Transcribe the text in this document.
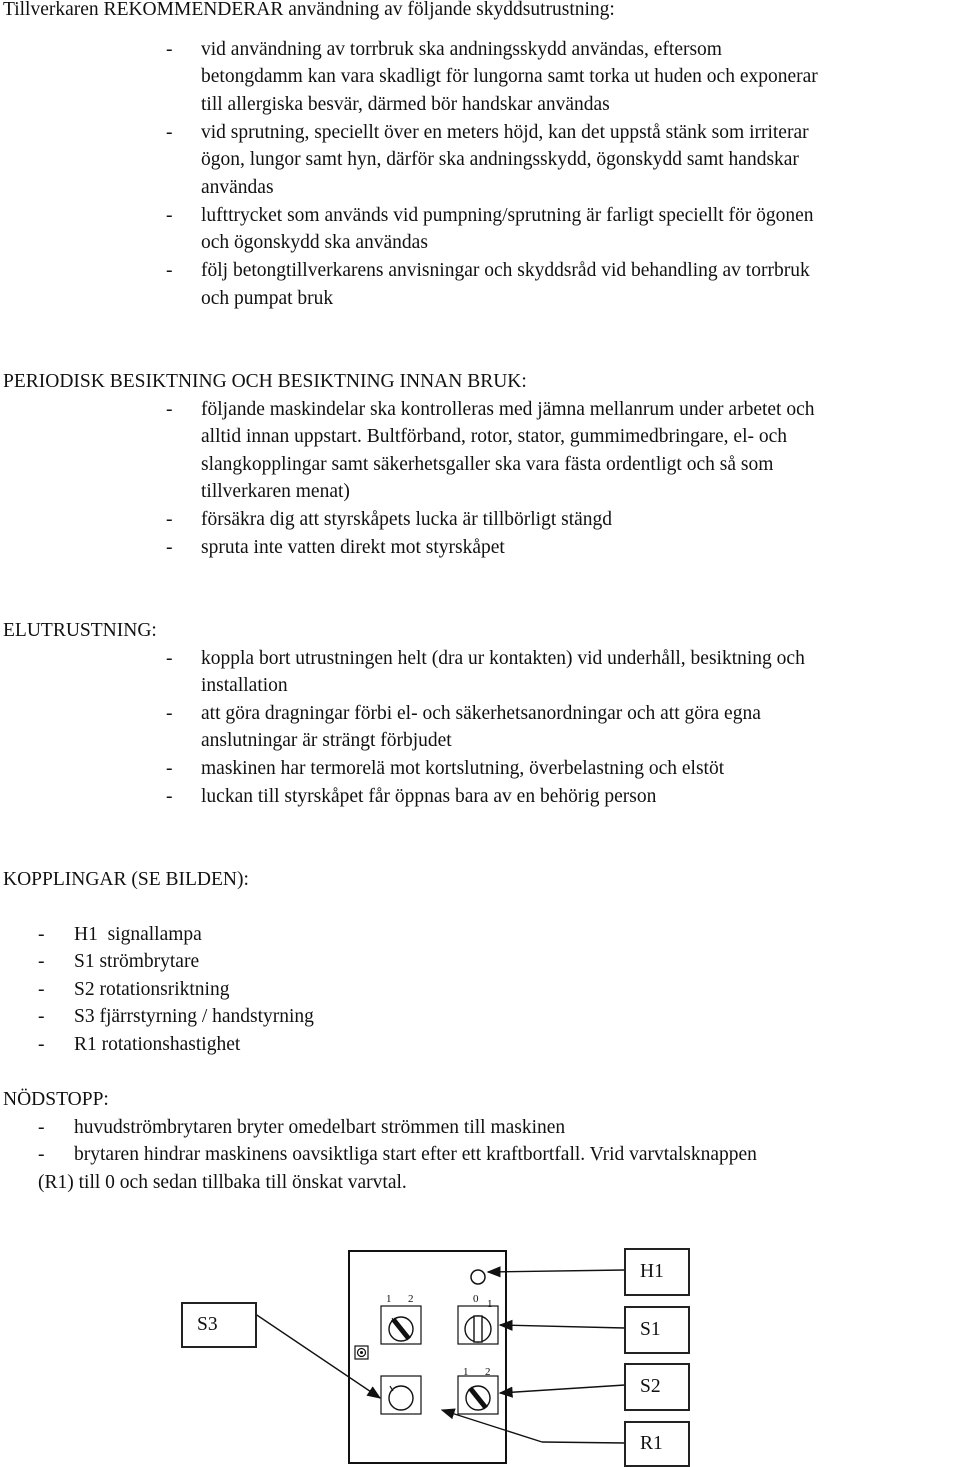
Tillverkaren REKOMMENDERAR användning av följande skyddsutrustning:
- vid användning av torrbruk ska andningsskydd användas, eftersom
betongdamm kan vara skadligt för lungorna samt torka ut huden och exponerar
till allergiska besvär, därmed bör handskar användas
- vid sprutning, speciellt över en meters höjd, kan det uppstå stänk som irriterar
ögon, lungor samt hyn, därför ska andningsskydd, ögonskydd samt handskar
användas
- lufttrycket som används vid pumpning/sprutning är farligt speciellt för ögonen
och ögonskydd ska användas
- följ betongtillverkarens anvisningar och skyddsråd vid behandling av torrbruk
och pumpat bruk
PERIODISK BESIKTNING OCH BESIKTNING INNAN BRUK:
- följande maskindelar ska kontrolleras med jämna mellanrum under arbetet och
alltid innan uppstart. Bultförband, rotor, stator, gummimedbringare, el- och
slangkopplingar samt säkerhetsgaller ska vara fästa ordentligt och så som
tillverkaren menat)
- försäkra dig att styrskåpets lucka är tillbörligt stängd
- spruta inte vatten direkt mot styrskåpet
ELUTRUSTNING:
- koppla bort utrustningen helt (dra ur kontakten) vid underhåll, besiktning och
installation
- att göra dragningar förbi el- och säkerhetsanordningar och att göra egna
anslutningar är strängt förbjudet
- maskinen har termorelä mot kortslutning, överbelastning och elstöt
- luckan till styrskåpet får öppnas bara av en behörig person
KOPPLINGAR (SE BILDEN):
- H1  signallampa
- S1 strömbrytare
- S2 rotationsriktning
- S3 fjärrstyrning / handstyrning
- R1 rotationshastighet
NÖDSTOPP:
- huvudströmbrytaren bryter omedelbart strömmen till maskinen
- brytaren hindrar maskinens oavsiktliga start efter ett kraftbortfall. Vrid varvtalsknappen
(R1) till 0 och sedan tillbaka till önskat varvtal.
1 2	0 1
1 2
S3
H1
S1
S2
R1
